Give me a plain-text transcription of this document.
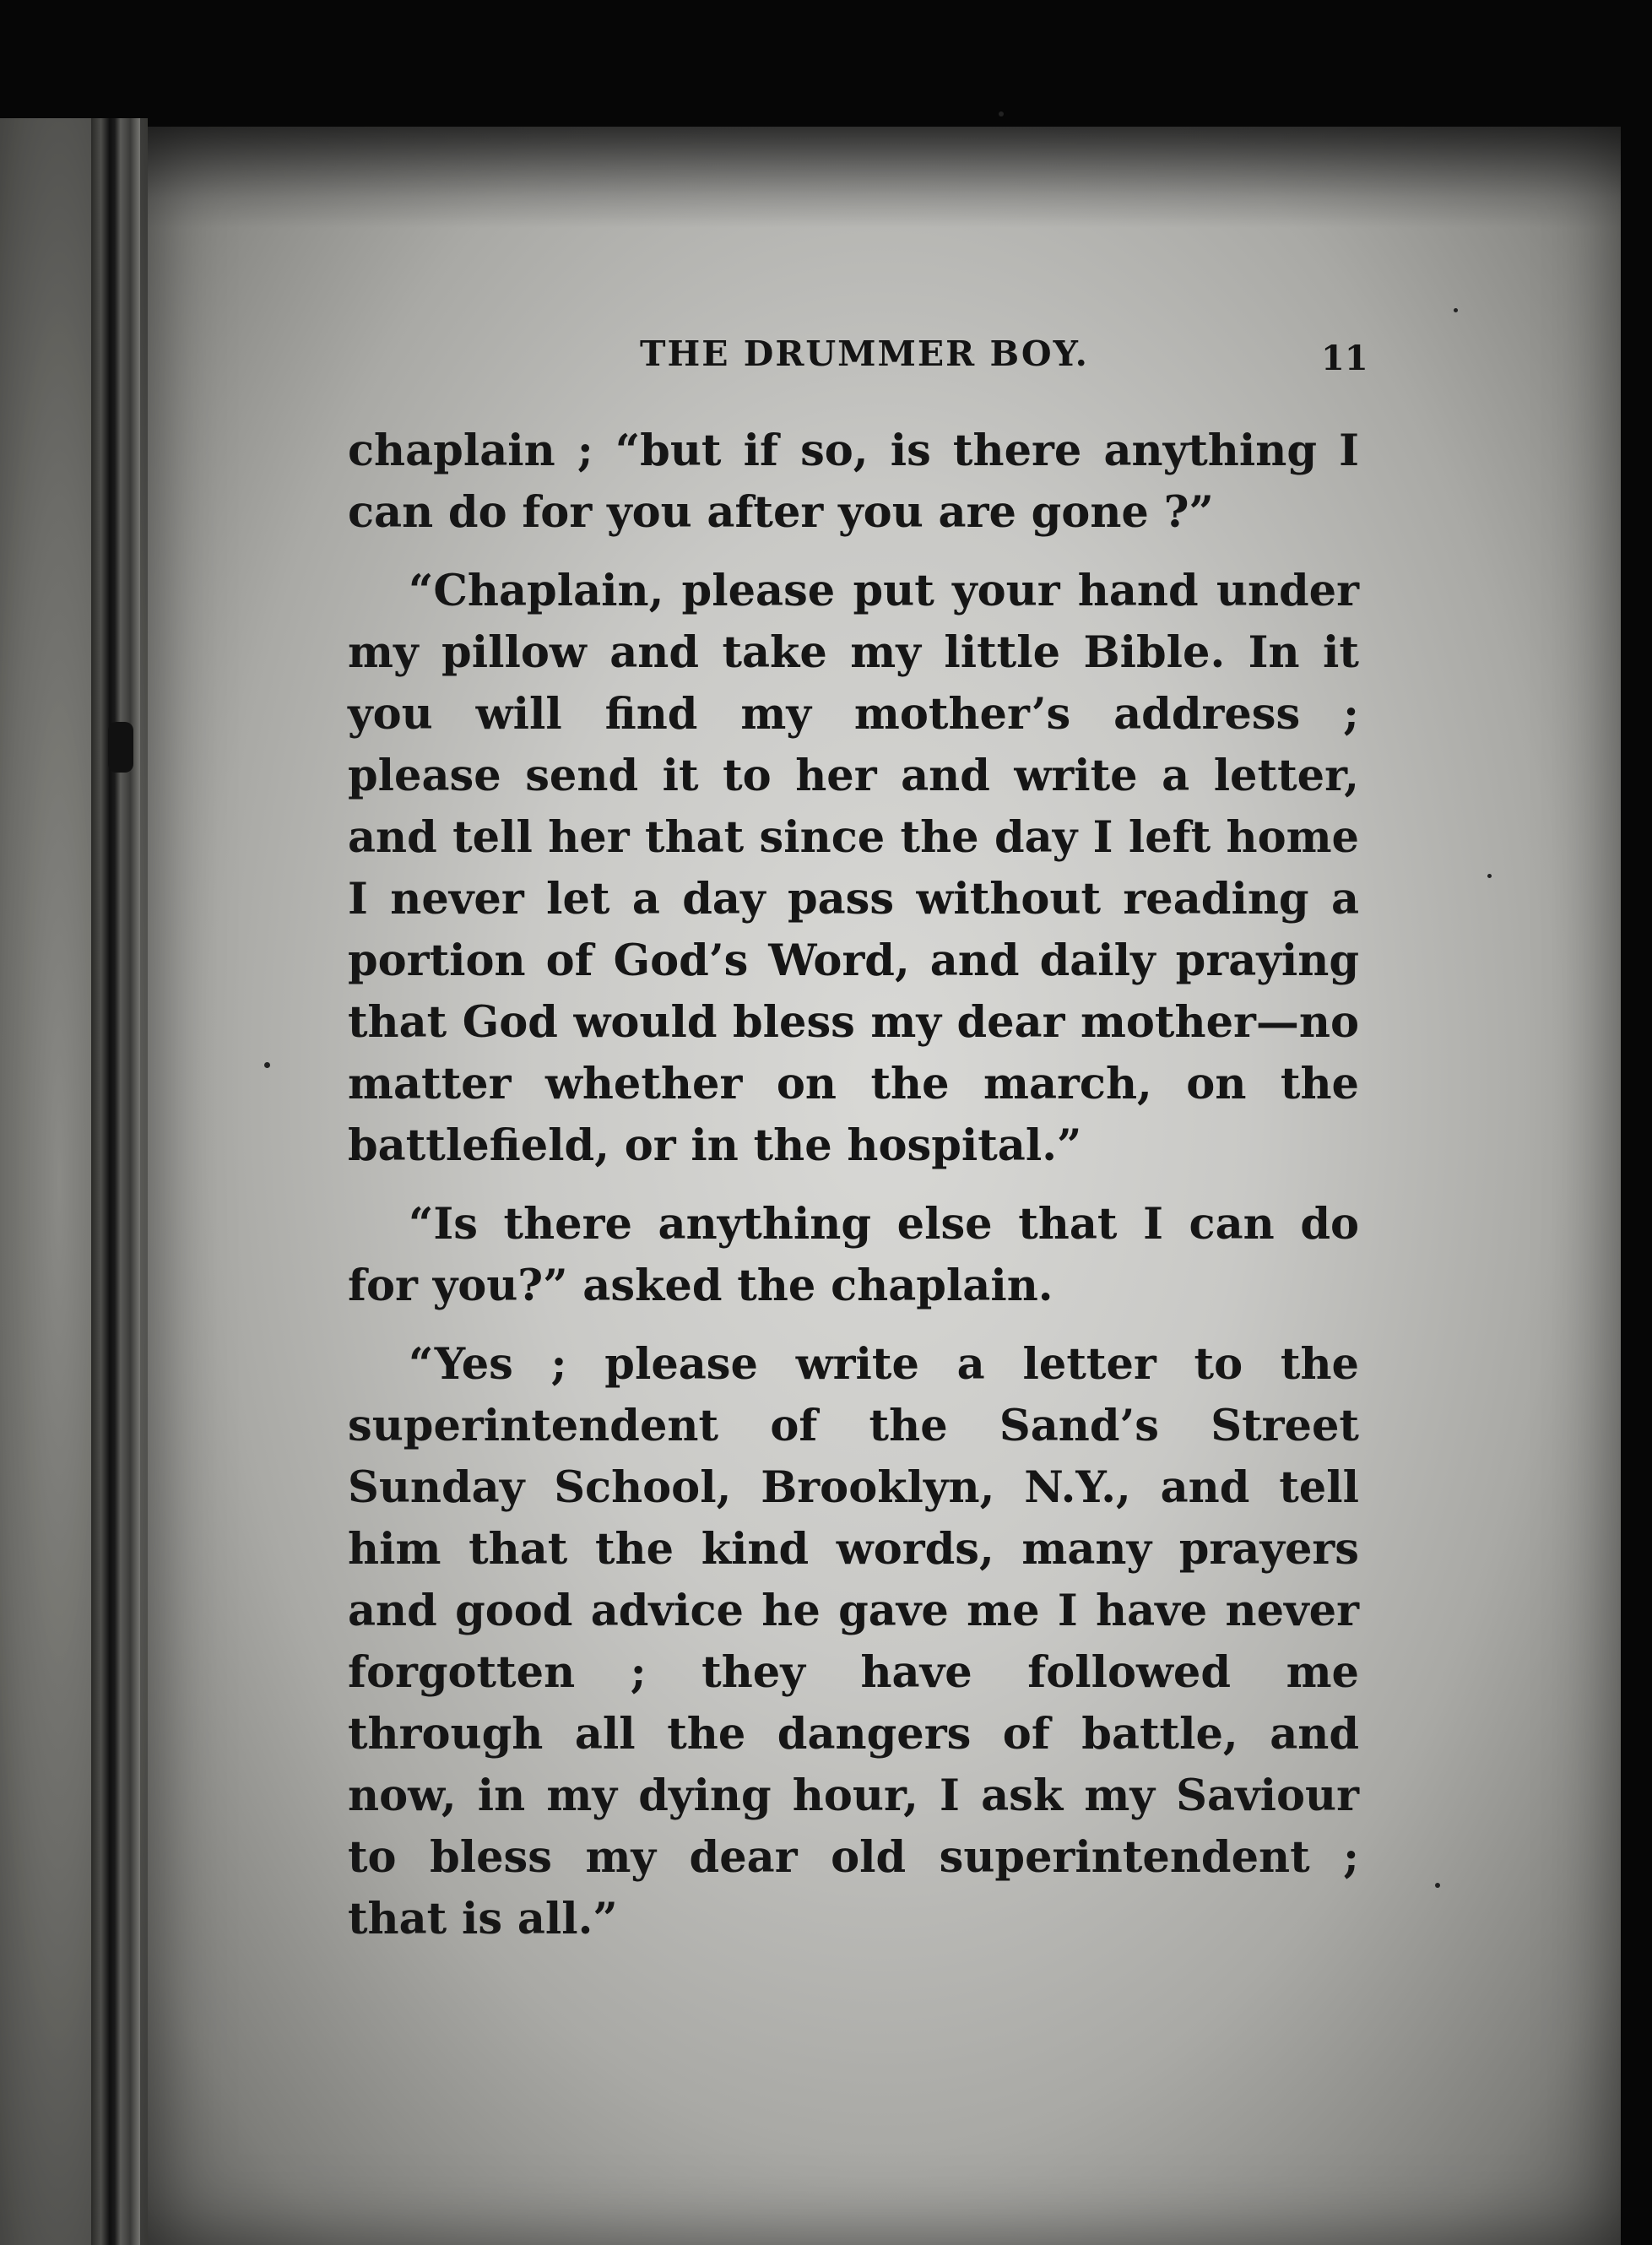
THE DRUMMER BOY.	11

chaplain ; “but if so, is there anything I can do for you after you are gone ?”

“Chaplain, please put your hand under my pillow and take my little Bible. In it you will find my mother’s address ; please send it to her and write a letter, and tell her that since the day I left home I never let a day pass without reading a portion of God’s Word, and daily praying that God would bless my dear mother—no matter whether on the march, on the battlefield, or in the hospital.”

“Is there anything else that I can do for you?” asked the chaplain.

“Yes ; please write a letter to the superintendent of the Sand’s Street Sunday School, Brooklyn, N.Y., and tell him that the kind words, many prayers and good advice he gave me I have never forgotten ; they have followed me through all the dangers of battle, and now, in my dying hour, I ask my Saviour to bless my dear old superintendent ; that is all.”
